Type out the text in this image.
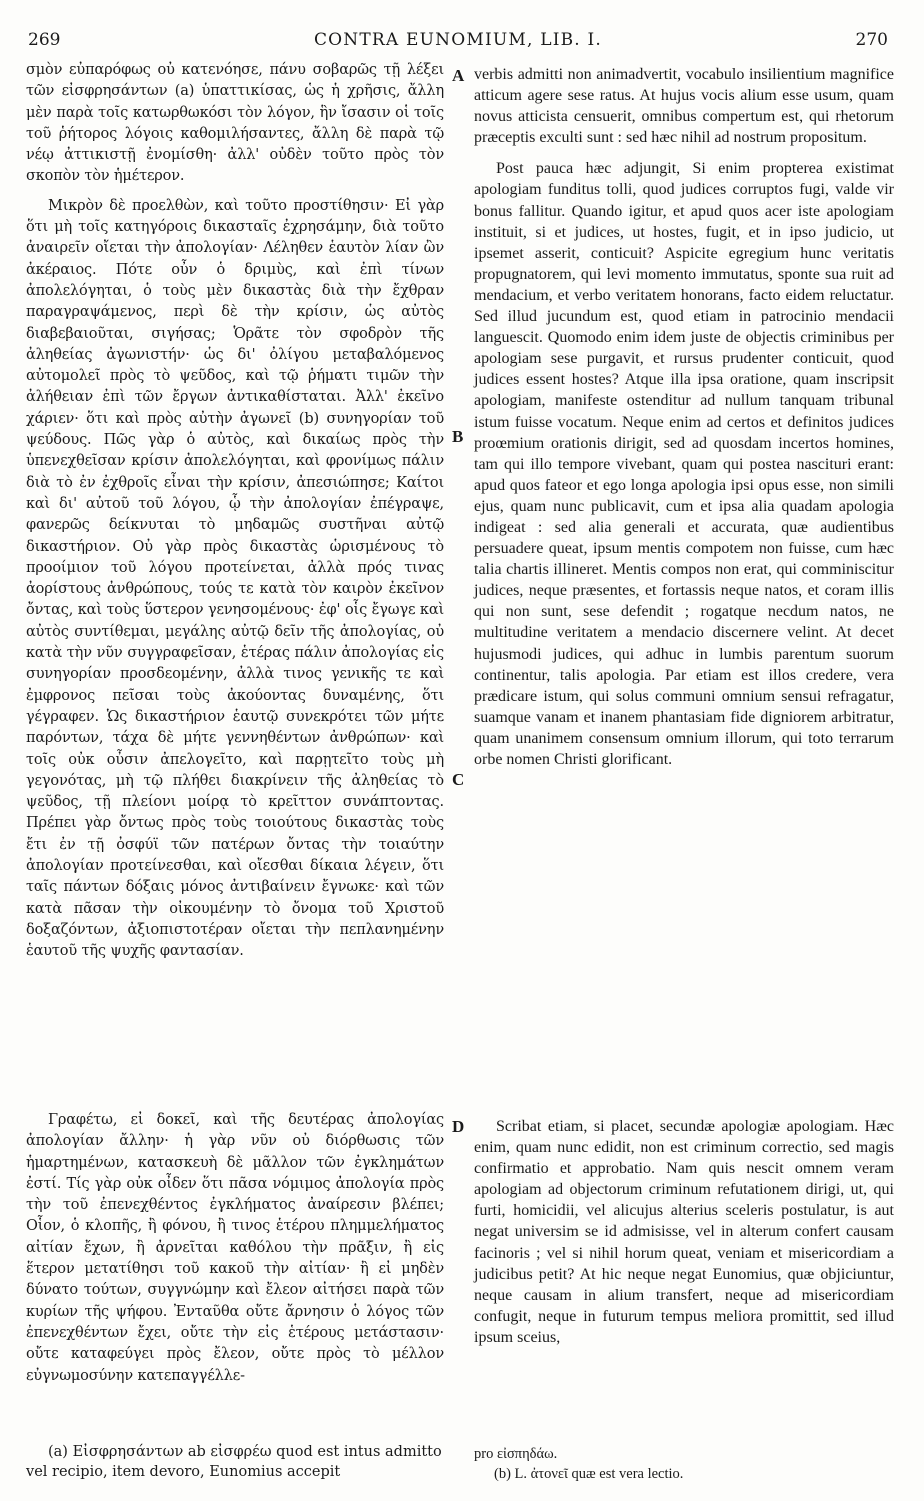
269	CONTRA EUNOMIUM, LIB. I.	270

σμὸν εὐπαρόφως οὐ κατενόησε, πάνυ σοβαρῶς τῇ λέξει τῶν εἰσφρησάντων (a) ὑπαττικίσας, ὡς ἡ χρῆσις, ἄλλη μὲν παρὰ τοῖς κατωρθωκόσι τὸν λόγον, ἣν ἴσασιν οἱ τοῖς τοῦ ῥήτορος λόγοις καθομιλήσαντες, ἄλλη δὲ παρὰ τῷ νέῳ ἀττικιστῇ ἐνομίσθη· ἀλλ' οὐδὲν τοῦτο πρὸς τὸν σκοπὸν τὸν ἡμέτερον.

Μικρὸν δὲ προελθὼν, καὶ τοῦτο προστίθησιν· Εἰ γὰρ ὅτι μὴ τοῖς κατηγόροις δικασταῖς ἐχρησάμην, διὰ τοῦτο ἀναιρεῖν οἴεται τὴν ἀπολογίαν· Λέληθεν ἑαυτὸν λίαν ὢν ἀκέραιος. Πότε οὖν ὁ δριμὺς, καὶ ἐπὶ τίνων ἀπολελόγηται, ὁ τοὺς μὲν δικαστὰς διὰ τὴν ἔχθραν παραγραψάμενος, περὶ δὲ τὴν κρίσιν, ὡς αὐτὸς διαβεβαιοῦται, σιγήσας; Ὁρᾶτε τὸν σφοδρὸν τῆς ἀληθείας ἀγωνιστήν· ὡς δι' ὀλίγου μεταβαλόμενος αὐτομολεῖ πρὸς τὸ ψεῦδος, καὶ τῷ ῥήματι τιμῶν τὴν ἀλήθειαν ἐπὶ τῶν ἔργων ἀντικαθίσταται. Ἀλλ' ἐκεῖνο χάριεν· ὅτι καὶ πρὸς αὐτὴν ἀγωνεῖ (b) συνηγορίαν τοῦ ψεύδους. Πῶς γὰρ ὁ αὐτὸς, καὶ δικαίως πρὸς τὴν ὑπενεχθεῖσαν κρίσιν ἀπολελόγηται, καὶ φρονίμως πάλιν διὰ τὸ ἐν ἐχθροῖς εἶναι τὴν κρίσιν, ἀπεσιώπησε; Καίτοι καὶ δι' αὐτοῦ τοῦ λόγου, ᾧ τὴν ἀπολογίαν ἐπέγραψε, φανερῶς δείκνυται τὸ μηδαμῶς συστῆναι αὐτῷ δικαστήριον. Οὐ γὰρ πρὸς δικαστὰς ὡρισμένους τὸ προοίμιον τοῦ λόγου προτείνεται, ἀλλὰ πρός τινας ἀορίστους ἀνθρώπους, τούς τε κατὰ τὸν καιρὸν ἐκεῖνον ὄντας, καὶ τοὺς ὕστερον γενησομένους· ἐφ' οἷς ἔγωγε καὶ αὐτὸς συντίθεμαι, μεγάλης αὐτῷ δεῖν τῆς ἀπολογίας, οὐ κατὰ τὴν νῦν συγγραφεῖσαν, ἑτέρας πάλιν ἀπολογίας εἰς συνηγορίαν προσδεομένην, ἀλλὰ τινος γενικῆς τε καὶ ἐμφρονος πεῖσαι τοὺς ἀκούοντας δυναμένης, ὅτι γέγραφεν. Ὡς δικαστήριον ἑαυτῷ συνεκρότει τῶν μήτε παρόντων, τάχα δὲ μήτε γεννηθέντων ἀνθρώπων· καὶ τοῖς οὐκ οὖσιν ἀπελογεῖτο, καὶ παρῃτεῖτο τοὺς μὴ γεγονότας, μὴ τῷ πλήθει διακρίνειν τῆς ἀληθείας τὸ ψεῦδος, τῇ πλείονι μοίρᾳ τὸ κρεῖττον συνάπτοντας. Πρέπει γὰρ ὄντως πρὸς τοὺς τοιούτους δικαστὰς τοὺς ἔτι ἐν τῇ ὀσφύϊ τῶν πατέρων ὄντας τὴν τοιαύτην ἀπολογίαν προτείνεσθαι, καὶ οἴεσθαι δίκαια λέγειν, ὅτι ταῖς πάντων δόξαις μόνος ἀντιβαίνειν ἔγνωκε· καὶ τῶν κατὰ πᾶσαν τὴν οἰκουμένην τὸ ὄνομα τοῦ Χριστοῦ δοξαζόντων, ἀξιοπιστοτέραν οἴεται τὴν πεπλανημένην ἑαυτοῦ τῆς ψυχῆς φαντασίαν.

verbis admitti non animadvertit, vocabulo insilientium magnifice atticum agere sese ratus. At hujus vocis alium esse usum, quam novus atticista censuerit, omnibus compertum est, qui rhetorum præceptis exculti sunt : sed hæc nihil ad nostrum propositum.

Post pauca hæc adjungit, Si enim propterea existimat apologiam funditus tolli, quod judices corruptos fugi, valde vir bonus fallitur. Quando igitur, et apud quos acer iste apologiam instituit, si et judices, ut hostes, fugit, et in ipso judicio, ut ipsemet asserit, conticuit? Aspicite egregium hunc veritatis propugnatorem, qui levi momento immutatus, sponte sua ruit ad mendacium, et verbo veritatem honorans, facto eidem reluctatur. Sed illud jucundum est, quod etiam in patrocinio mendacii languescit. Quomodo enim idem juste de objectis criminibus per apologiam sese purgavit, et rursus prudenter conticuit, quod judices essent hostes? Atque illa ipsa oratione, quam inscripsit apologiam, manifeste ostenditur ad nullum tanquam tribunal istum fuisse vocatum. Neque enim ad certos et definitos judices proœmium orationis dirigit, sed ad quosdam incertos homines, tam qui illo tempore vivebant, quam qui postea nascituri erant: apud quos fateor et ego longa apologia ipsi opus esse, non simili ejus, quam nunc publicavit, cum et ipsa alia quadam apologia indigeat : sed alia generali et accurata, quæ audientibus persuadere queat, ipsum mentis compotem non fuisse, cum hæc talia chartis illineret. Mentis compos non erat, qui comminiscitur judices, neque præsentes, et fortassis neque natos, et coram illis qui non sunt, sese defendit ; rogatque necdum natos, ne multitudine veritatem a mendacio discernere velint. At decet hujusmodi judices, qui adhuc in lumbis parentum suorum continentur, talis apologia. Par etiam est illos credere, vera prædicare istum, qui solus communi omnium sensui refragatur, suamque vanam et inanem phantasiam fide digniorem arbitratur, quam unanimem consensum omnium illorum, qui toto terrarum orbe nomen Christi glorificant.

Γραφέτω, εἰ δοκεῖ, καὶ τῆς δευτέρας ἀπολογίας ἀπολογίαν ἄλλην· ἡ γὰρ νῦν οὐ διόρθωσις τῶν ἡμαρτημένων, κατασκευὴ δὲ μᾶλλον τῶν ἐγκλημάτων ἐστί. Τίς γὰρ οὐκ οἶδεν ὅτι πᾶσα νόμιμος ἀπολογία πρὸς τὴν τοῦ ἐπενεχθέντος ἐγκλήματος ἀναίρεσιν βλέπει; Οἷον, ὁ κλοπῆς, ἢ φόνου, ἢ τινος ἑτέρου πλημμελήματος αἰτίαν ἔχων, ἢ ἀρνεῖται καθόλου τὴν πρᾶξιν, ἢ εἰς ἕτερον μετατίθησι τοῦ κακοῦ τὴν αἰτίαν· ἢ εἰ μηδὲν δύνατο τούτων, συγγνώμην καὶ ἔλεον αἰτήσει παρὰ τῶν κυρίων τῆς ψήφου. Ἐνταῦθα οὔτε ἄρνησιν ὁ λόγος τῶν ἐπενεχθέντων ἔχει, οὔτε τὴν εἰς ἑτέρους μετάστασιν· οὔτε καταφεύγει πρὸς ἔλεον, οὔτε πρὸς τὸ μέλλον εὐγνωμοσύνην κατεπαγγέλλε-

Scribat etiam, si placet, secundæ apologiæ apologiam. Hæc enim, quam nunc edidit, non est criminum correctio, sed magis confirmatio et approbatio. Nam quis nescit omnem veram apologiam ad objectorum criminum refutationem dirigi, ut, qui furti, homicidii, vel alicujus alterius sceleris postulatur, is aut negat universim se id admisisse, vel in alterum confert causam facinoris ; vel si nihil horum queat, veniam et misericordiam a judicibus petit? At hic neque negat Eunomius, quæ objiciuntur, neque causam in alium transfert, neque ad misericordiam confugit, neque in futurum tempus meliora promittit, sed illud ipsum sceius,

A
B
C
D

(a) Εἰσφρησάντων ab εἰσφρέω quod est intus admitto vel recipio, item devoro, Eunomius accepit

pro εἰσπηδάω.
(b) L. ἀτονεῖ quæ est vera lectio.
